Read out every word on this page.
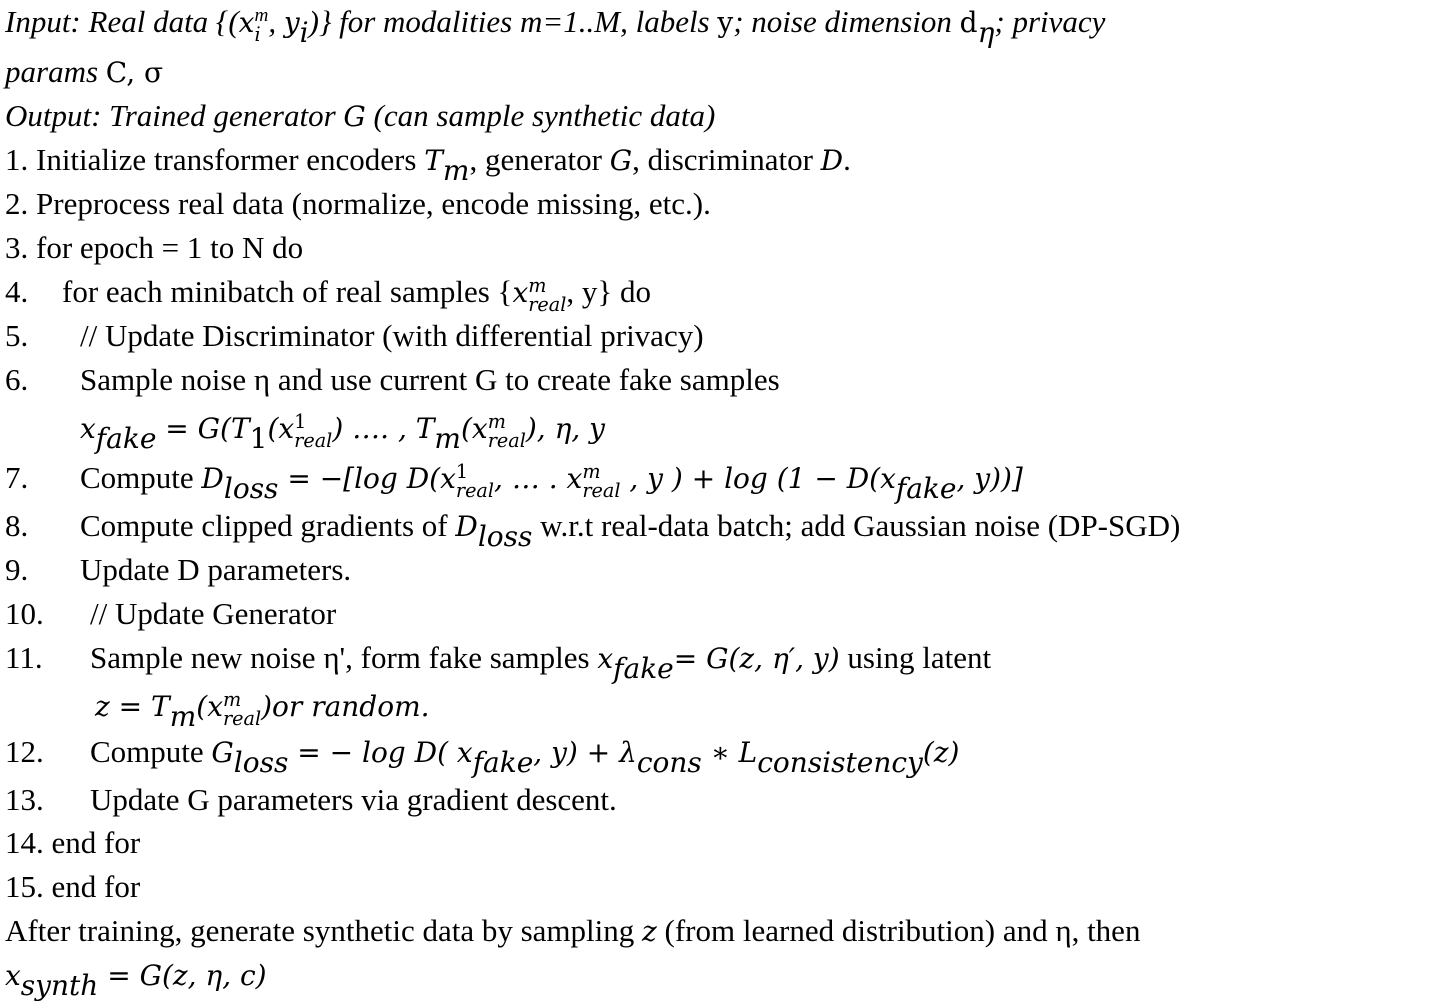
Input: Real data {(x m
i , $y_i$)} for modalities m=1..M, labels y; noise dimension $d_\eta$; privacy
params C, σ
Output: Trained generator G (can sample synthetic data)
1. Initialize transformer encoders $T_m$, generator G, discriminator D.
2. Preprocess real data (normalize, encode missing, etc.).
3. for epoch = 1 to N do
4. for each minibatch of real samples {x m
real , y} do
5. // Update Discriminator (with differential privacy)
6. Sample noise η and use current G to create fake samples
$x_{fake} = G(T_1(x$ 1
real ) …. , $T_m(x$ m
real ), η, y
7. Compute $D_{loss} = -[\log$ D(x 1
real , … . x m
real , y ) + $\log (1 - D(x_{fake}$, y))]
8. Compute clipped gradients of $D_{loss}$ w.r.t real-data batch; add Gaussian noise (DP-SGD)
9. Update D parameters.
10. // Update Generator
11. Sample new noise η', form fake samples $x_{fake}= G(z$, η′, y) using latent
$z = T_m(x$ m
real )or random.
12. Compute $G_{loss}$ = − log D( $x_{fake}$, $y) + \lambda_{cons}$ ∗ $L_{consistency}(z)$
13. Update G parameters via gradient descent.
14. end for
15. end for
After training, generate synthetic data by sampling z (from learned distribution) and η, then
$x_{synth} = G(z$, η, c)
